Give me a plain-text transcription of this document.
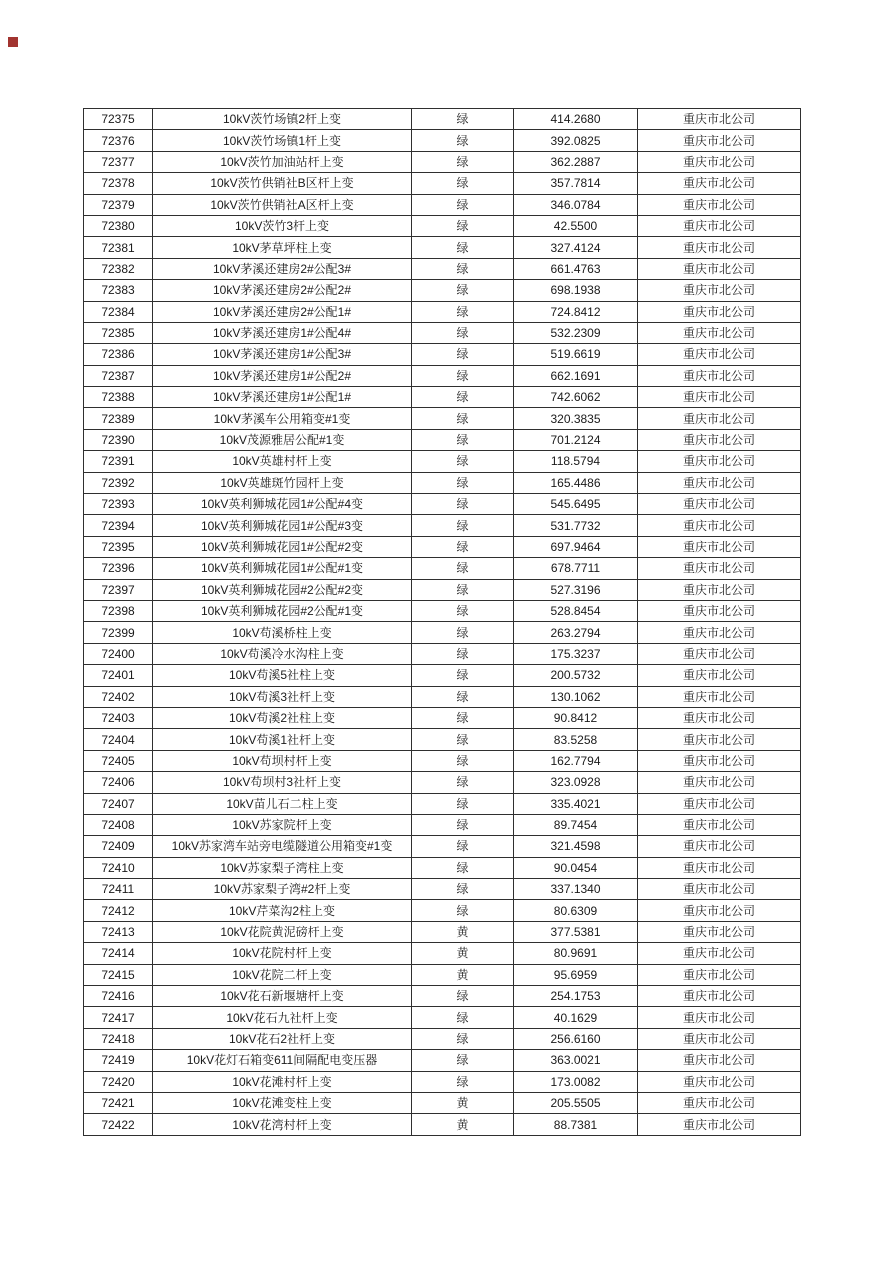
72375	10kV茨竹场镇2杆上变	绿	414.2680	重庆市北公司
72376	10kV茨竹场镇1杆上变	绿	392.0825	重庆市北公司
72377	10kV茨竹加油站杆上变	绿	362.2887	重庆市北公司
72378	10kV茨竹供销社B区杆上变	绿	357.7814	重庆市北公司
72379	10kV茨竹供销社A区杆上变	绿	346.0784	重庆市北公司
72380	10kV茨竹3杆上变	绿	42.5500	重庆市北公司
72381	10kV茅草坪柱上变	绿	327.4124	重庆市北公司
72382	10kV茅溪还建房2#公配3#	绿	661.4763	重庆市北公司
72383	10kV茅溪还建房2#公配2#	绿	698.1938	重庆市北公司
72384	10kV茅溪还建房2#公配1#	绿	724.8412	重庆市北公司
72385	10kV茅溪还建房1#公配4#	绿	532.2309	重庆市北公司
72386	10kV茅溪还建房1#公配3#	绿	519.6619	重庆市北公司
72387	10kV茅溪还建房1#公配2#	绿	662.1691	重庆市北公司
72388	10kV茅溪还建房1#公配1#	绿	742.6062	重庆市北公司
72389	10kV茅溪车公用箱变#1变	绿	320.3835	重庆市北公司
72390	10kV茂源雅居公配#1变	绿	701.2124	重庆市北公司
72391	10kV英雄村杆上变	绿	118.5794	重庆市北公司
72392	10kV英雄斑竹园杆上变	绿	165.4486	重庆市北公司
72393	10kV英利狮城花园1#公配#4变	绿	545.6495	重庆市北公司
72394	10kV英利狮城花园1#公配#3变	绿	531.7732	重庆市北公司
72395	10kV英利狮城花园1#公配#2变	绿	697.9464	重庆市北公司
72396	10kV英利狮城花园1#公配#1变	绿	678.7711	重庆市北公司
72397	10kV英利狮城花园#2公配#2变	绿	527.3196	重庆市北公司
72398	10kV英利狮城花园#2公配#1变	绿	528.8454	重庆市北公司
72399	10kV苟溪桥柱上变	绿	263.2794	重庆市北公司
72400	10kV苟溪冷水沟柱上变	绿	175.3237	重庆市北公司
72401	10kV苟溪5社柱上变	绿	200.5732	重庆市北公司
72402	10kV苟溪3社杆上变	绿	130.1062	重庆市北公司
72403	10kV苟溪2社柱上变	绿	90.8412	重庆市北公司
72404	10kV苟溪1社杆上变	绿	83.5258	重庆市北公司
72405	10kV苟坝村杆上变	绿	162.7794	重庆市北公司
72406	10kV苟坝村3社杆上变	绿	323.0928	重庆市北公司
72407	10kV苗儿石二柱上变	绿	335.4021	重庆市北公司
72408	10kV苏家院杆上变	绿	89.7454	重庆市北公司
72409	10kV苏家湾车站旁电缆隧道公用箱变#1变	绿	321.4598	重庆市北公司
72410	10kV苏家梨子湾柱上变	绿	90.0454	重庆市北公司
72411	10kV苏家梨子湾#2杆上变	绿	337.1340	重庆市北公司
72412	10kV芹菜沟2柱上变	绿	80.6309	重庆市北公司
72413	10kV花院黄泥磅杆上变	黄	377.5381	重庆市北公司
72414	10kV花院村杆上变	黄	80.9691	重庆市北公司
72415	10kV花院二杆上变	黄	95.6959	重庆市北公司
72416	10kV花石新堰塘杆上变	绿	254.1753	重庆市北公司
72417	10kV花石九社杆上变	绿	40.1629	重庆市北公司
72418	10kV花石2社杆上变	绿	256.6160	重庆市北公司
72419	10kV花灯石箱变611间隔配电变压器	绿	363.0021	重庆市北公司
72420	10kV花滩村杆上变	绿	173.0082	重庆市北公司
72421	10kV花滩变柱上变	黄	205.5505	重庆市北公司
72422	10kV花湾村杆上变	黄	88.7381	重庆市北公司
